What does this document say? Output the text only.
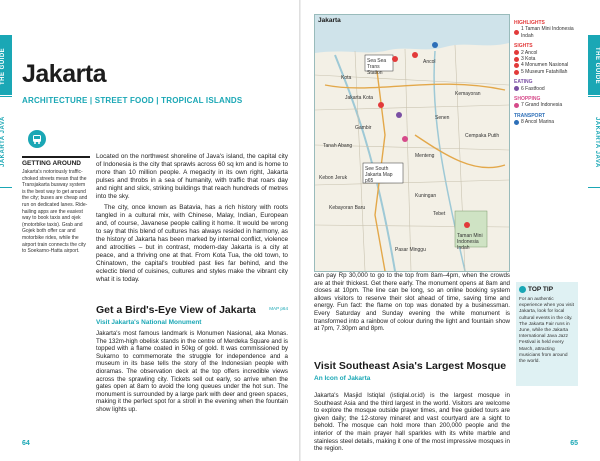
THE GUIDE
JAKARTA JAVA
Jakarta
ARCHITECTURE | STREET FOOD | TROPICAL ISLANDS
GETTING AROUND
Jakarta's notoriously traffic-choked streets mean that the Transjakarta busway system is the best way to get around the city; buses are cheap and run on dedicated lanes. Ride-hailing apps are the easiest way to book taxis and ojek (motorbike taxis). Grab and Gojek both offer car and motorbike rides, while the airport train connects the city to Soekarno-Hatta airport.

Located on the northwest shoreline of Java's island, the capital city of Indonesia is the city that sprawls across 60 sq km and is home to more than 10 million people. A megacity in its own right, Jakarta pulses and throbs in a sea of humanity, with traffic that roars day and night and slick, striking buildings that reach hundreds of metres into the sky.

The city, once known as Batavia, has a rich history with roots tangled in a cultural mix, with Chinese, Malay, Indian, European and, of course, Javanese people calling it home. It would be wrong to say that this blend of cultures has always resided in harmony, as the history of Jakarta has been marked by internal conflict, violence and atrocities – but in contrast, modern-day Jakarta is a city at peace, and a thriving one at that. From Kota Tua, the old town, to Chinatown, the capital's troubled past lies far behind, and the eclectic blend of cuisines, cultures and styles make the vibrant city what it is today.

Get a Bird's-Eye View of Jakarta	MAP p64
Visit Jakarta's National Monument
Jakarta's most famous landmark is Monumen Nasional, aka Monas. The 132m-high obelisk stands in the centre of Merdeka Square and is topped with a flame coated in 50kg of gold. It was commissioned by Sukarno to commemorate the struggle for independence and a museum in its base tells the story of the Indonesian people with dioramas. The observation deck at the top offers incredible views across the sprawling city. Tickets sell out early, so arrive when the gates open at 8am to avoid the long queues under the hot sun. The monument is surrounded by a large park with deer and green spaces, making it the perfect spot for a stroll in the evening when the fountain show lights up.
64
Jakarta
Sea Sea Trans Station
Ancol
Kota
Jakarta Kota
Gambir
Menteng
Senen
Kemayoran
Tanah Abang
Kuningan
Cempaka Putih
Tebet
Kebayoran Baru
Pasar Minggu
Kebon Jeruk
See South Jakarta Map p65
Taman Mini Indonesia Indah
HIGHLIGHTS
1 Taman Mini Indonesia Indah
SIGHTS
2 Ancol
3 Kota
4 Monumen Nasional
5 Museum Fatahillah
EATING
6 Fastfood
SHOPPING
7 Grand Indonesia
TRANSPORT
8 Ancol Marina
THE GUIDE
JAKARTA JAVA
can pay Rp 30,000 to go to the top from 8am–4pm, when the crowds are at their thickest. Get there early. The monument opens at 8am and closes at 10pm. The line can be long, so an online booking system allows visitors to reserve their slot ahead of time, saving time and energy. Fun fact: the flame on top was donated by a businessman. Every Saturday and Sunday evening the white monument is transformed into a rainbow of colour during the light and fountain show at 7pm, 7.30pm and 8pm.
Visit Southeast Asia's Largest Mosque
An Icon of Jakarta
Jakarta's Masjid Istiqlal (istiqlal.or.id) is the largest mosque in Southeast Asia and the third largest in the world. Visitors are welcome to explore the mosque outside prayer times, and free guided tours are given daily; the 12-storey minaret and vast courtyard are a sight to behold. The mosque can hold more than 200,000 people and the interior of the main prayer hall sparkles with its white marble and stainless steel details, making it one of the most impressive mosques in the region.
TOP TIP
For an authentic experience when you visit Jakarta, look for local cultural events in the city. The Jakarta Fair runs in June, while the Jakarta International Java Jazz Festival is held every March, attracting musicians from around the world.
65
